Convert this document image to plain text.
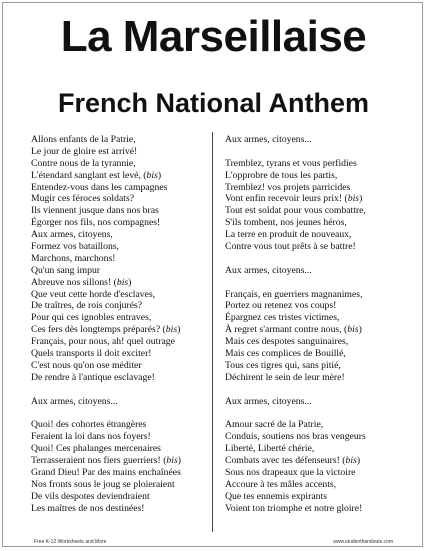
La Marseillaise
French National Anthem
Allons enfants de la Patrie,
Le jour de gloire est arrivé!
Contre nous de la tyrannie,
L'étendard sanglant est levé, (bis)
Entendez-vous dans les campagnes
Mugir ces féroces soldats?
Ils viennent jusque dans nos bras
Égorger nos fils, nos compagnes!
Aux armes, citoyens,
Formez vos bataillons,
Marchons, marchons!
Qu'un sang impur
Abreuve nos sillons! (bis)
Que veut cette horde d'esclaves,
De traîtres, de rois conjurés?
Pour qui ces ignobles entraves,
Ces fers dès longtemps préparés? (bis)
Français, pour nous, ah! quel outrage
Quels transports il doit exciter!
C'est nous qu'on ose méditer
De rendre à l'antique esclavage!
Aux armes, citoyens...
Quoi! des cohortes étrangères
Feraient la loi dans nos foyers!
Quoi! Ces phalanges mercenaires
Terrasseraient nos fiers guerriers! (bis)
Grand Dieu! Par des mains enchaînées
Nos fronts sous le joug se ploieraient
De vils despotes deviendraient
Les maîtres de nos destinées!
Aux armes, citoyens...
Tremblez, tyrans et vous perfidies
L'opprobre de tous les partis,
Tremblez! vos projets parricides
Vont enfin recevoir leurs prix! (bis)
Tout est soldat pour vous combattre,
S'ils tombent, nos jeunes héros,
La terre en produit de nouveaux,
Contre vous tout prêts à se battre!
Aux armes, citoyens...
Français, en guerriers magnanimes,
Portez ou retenez vos coups!
Épargnez ces tristes victimes,
À regret s'armant contre nous, (bis)
Mais ces despotes sanguinaires,
Mais ces complices de Bouillé,
Tous ces tigres qui, sans pitié,
Déchirent le sein de leur mère!
Aux armes, citoyens...
Amour sacré de la Patrie,
Conduis, soutiens nos bras vengeurs
Liberté, Liberté chérie,
Combats avec tes défenseurs! (bis)
Sous nos drapeaux que la victoire
Accoure à tes mâles accents,
Que tes ennemis expirants
Voient ton triomphe et notre gloire!
Free K-12 Worksheets and More	www.studenthandouts.com
